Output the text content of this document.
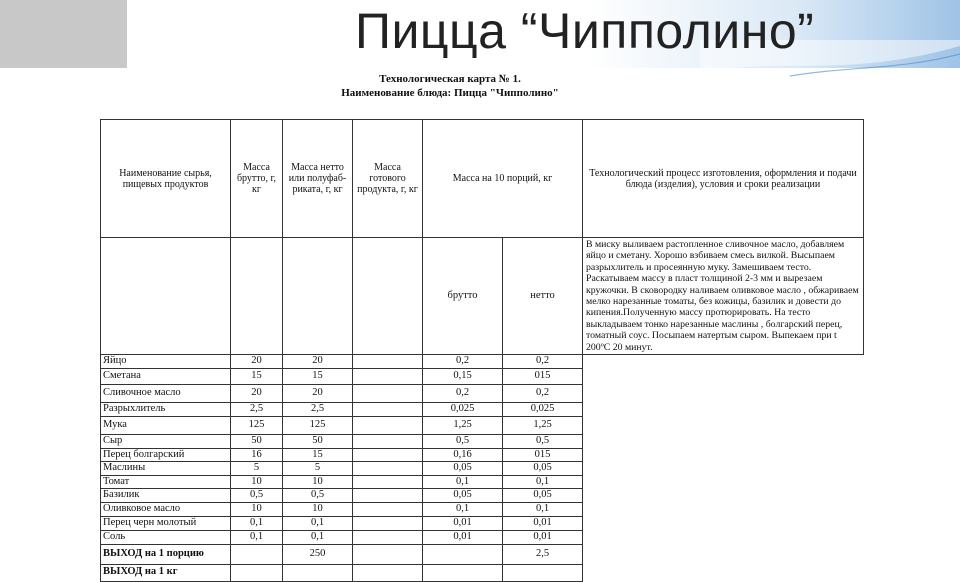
Пицца “Чипполино”
Технологическая карта № 1.
Наименование блюда: Пицца "Чипполино"
Наименование сырья, пищевых продуктов	Масса брутто, г, кг	Масса нетто или полуфаб-риката, г, кг	Масса готового продукта, г, кг	Масса на 10 порций, кг		Технологический процесс изготовления, оформления и подачи блюда (изделия), условия и сроки реализации
				брутто	нетто	В миску выливаем растопленное сливочное масло, добавляем яйцо и сметану. Хорошо взбиваем смесь вилкой. Высыпаем разрыхлитель и просеянную муку. Замешиваем тесто. Раскатываем массу в пласт толщиной 2-3 мм и вырезаем кружочки. В сковородку наливаем оливковое масло , обжариваем мелко нарезанные томаты, без кожицы, базилик и довести до кипения.Полученную массу протюрировать. На тесто выкладываем тонко нарезанные маслины , болгарский перец, томатный соус. Посыпаем натертым сыром. Выпекаем при t 200ºС 20 минут.
Яйцо	20	20		0,2	0,2	
Сметана	15	15		0,15	015	
Сливочное масло	20	20		0,2	0,2	
Разрыхлитель	2,5	2,5		0,025	0,025	
Мука	125	125		1,25	1,25	
Сыр	50	50		0,5	0,5	
Перец болгарский	16	15		0,16	015	
Маслины	5	5		0,05	0,05	
Томат	10	10		0,1	0,1	
Базилик	0,5	0,5		0,05	0,05	
Оливковое масло	10	10		0,1	0,1	
Перец черн молотый	0,1	0,1		0,01	0,01	
Соль	0,1	0,1		0,01	0,01	
ВЫХОД на 1 порцию		250			2,5	
ВЫХОД на 1 кг						
